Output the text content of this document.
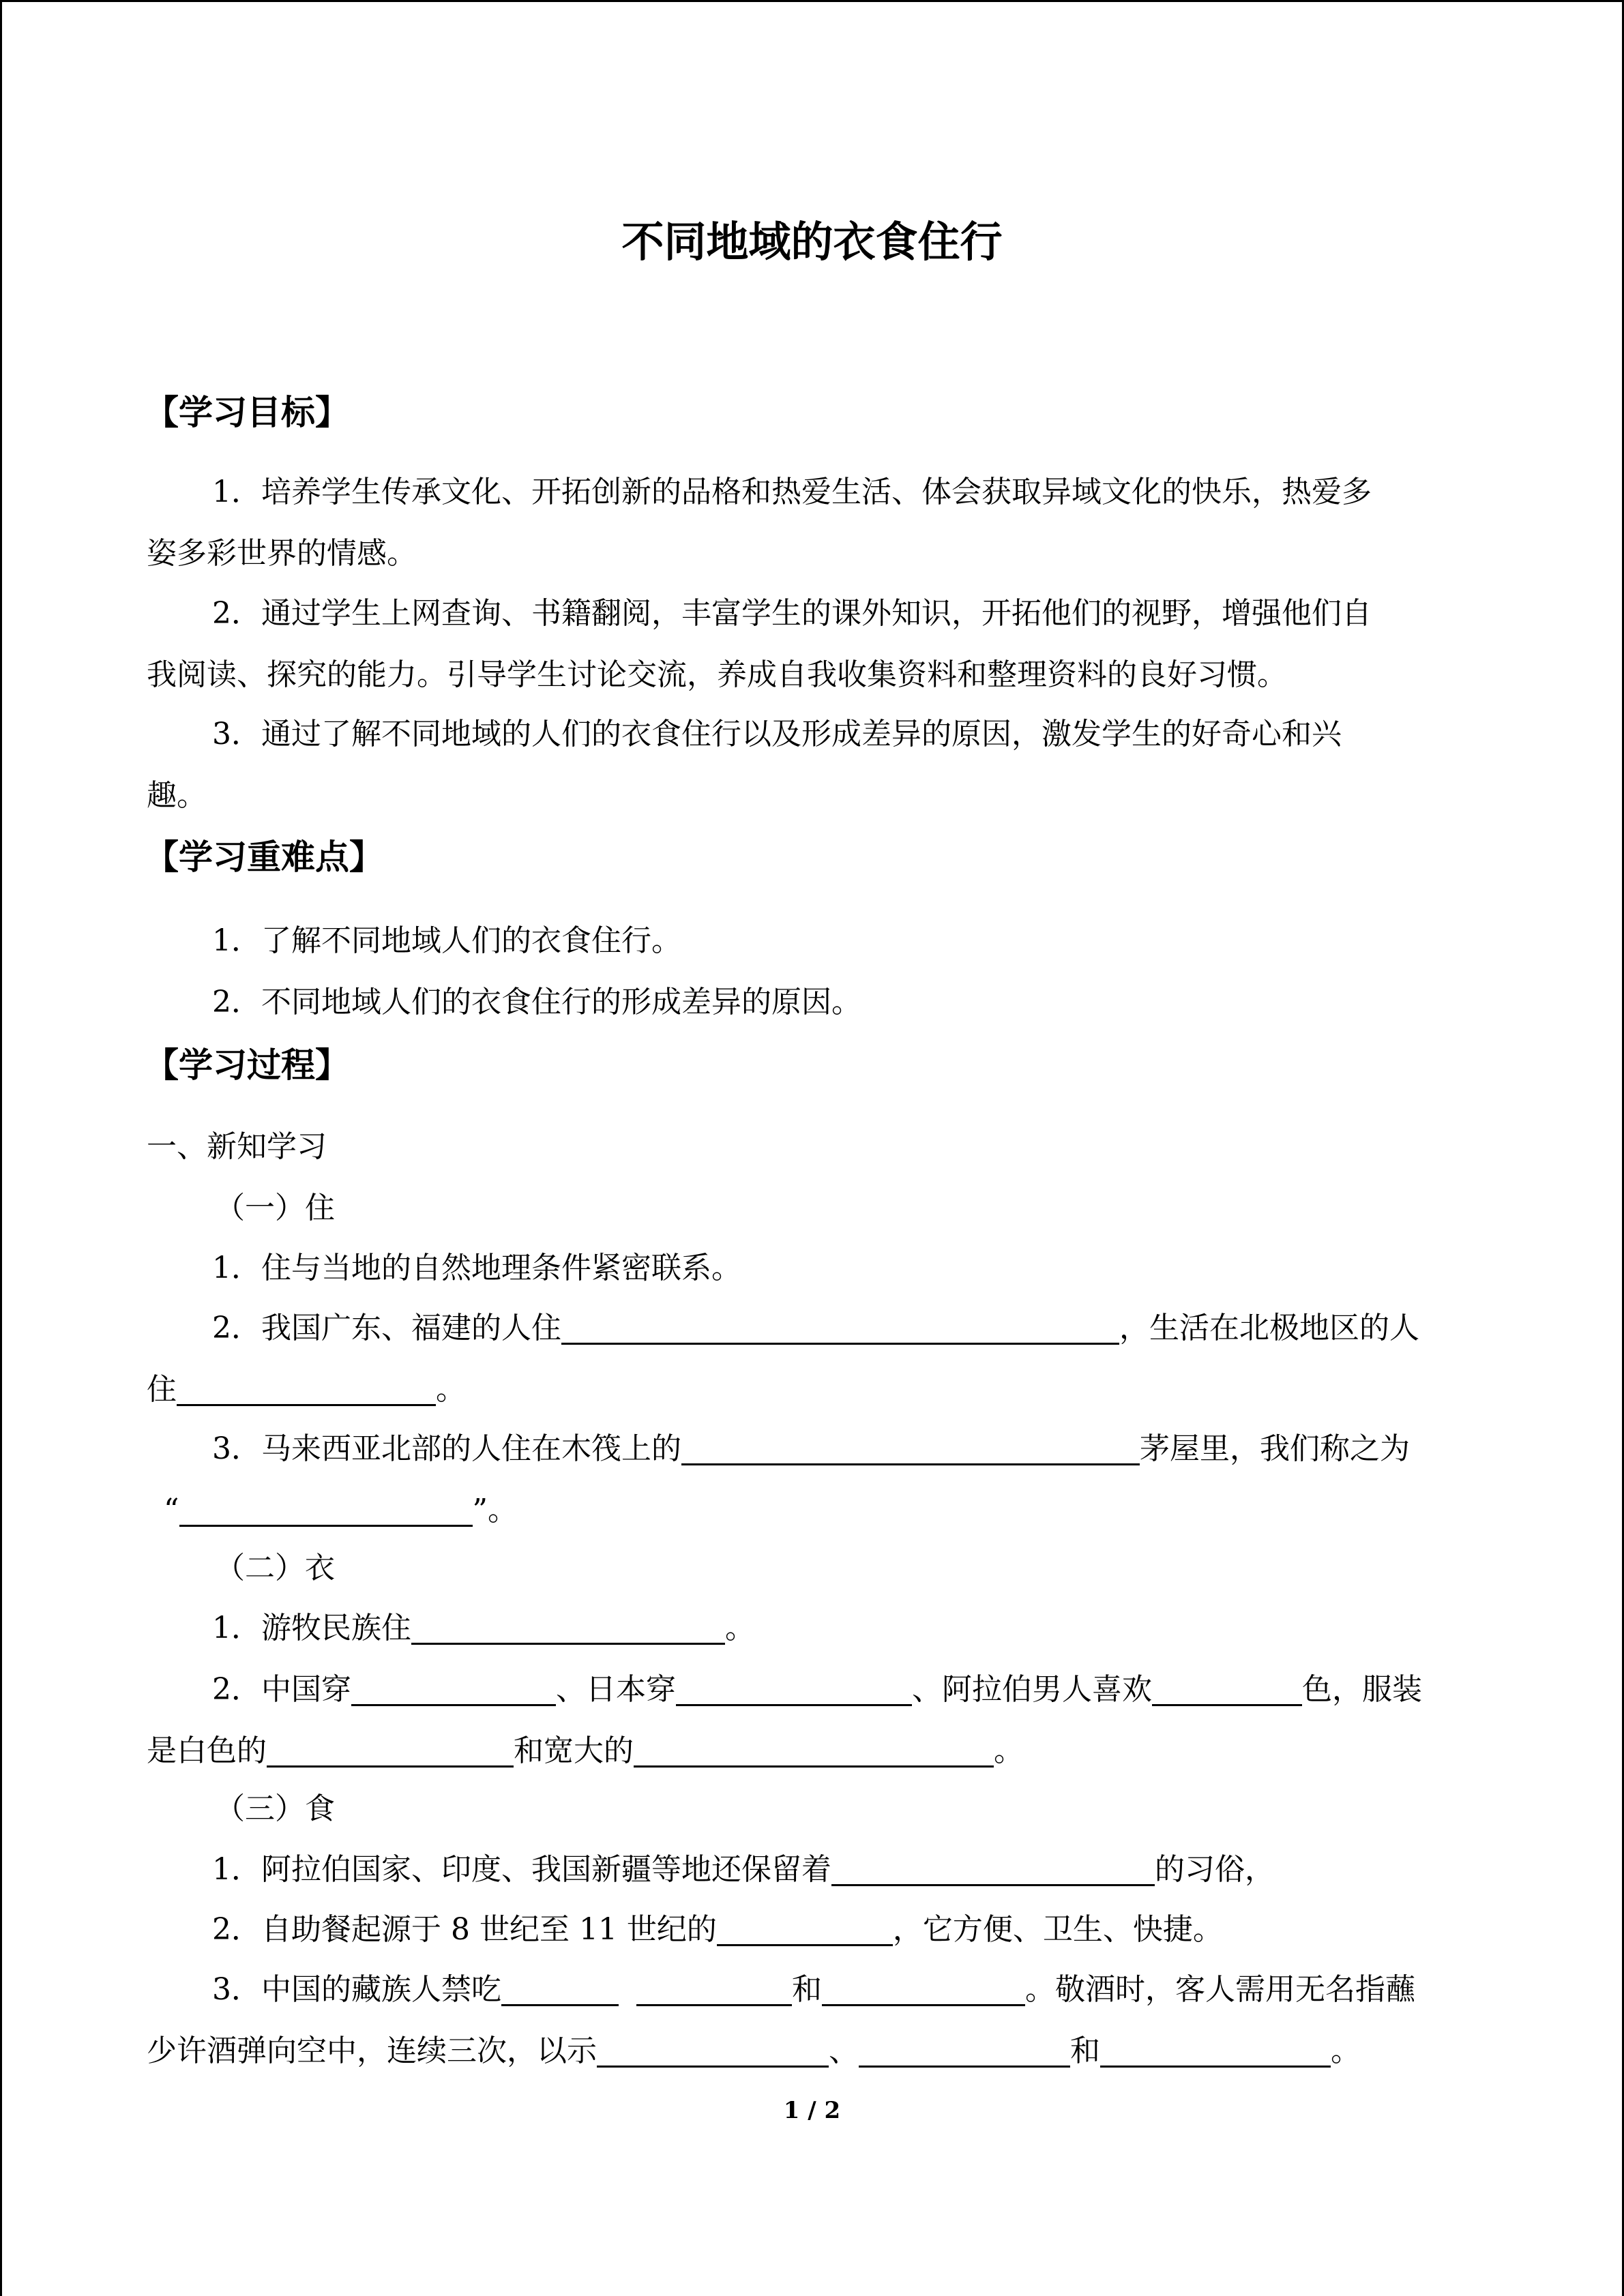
不同地域的衣食住行
【学习目标】
1．培养学生传承文化、开拓创新的品格和热爱生活、体会获取异域文化的快乐，热爱多
姿多彩世界的情感。
2．通过学生上网查询、书籍翻阅，丰富学生的课外知识，开拓他们的视野，增强他们自
我阅读、探究的能力。引导学生讨论交流，养成自我收集资料和整理资料的良好习惯。
3．通过了解不同地域的人们的衣食住行以及形成差异的原因，激发学生的好奇心和兴
趣。
【学习重难点】
1．了解不同地域人们的衣食住行。
2．不同地域人们的衣食住行的形成差异的原因。
【学习过程】
一、新知学习
（一）住
1．住与当地的自然地理条件紧密联系。
2．我国广东、福建的人住	，生活在北极地区的人
住	。
3．马来西亚北部的人住在木筏上的	茅屋里，我们称之为
“	”。
（二）衣
1．游牧民族住	。
2．中国穿	、日本穿	、阿拉伯男人喜欢	色，服装
是白色的	和宽大的	。
（三）食
1．阿拉伯国家、印度、我国新疆等地还保留着	的习俗，
2．自助餐起源于 8 世纪至 11 世纪的	，它方便、卫生、快捷。
3．中国的藏族人禁吃	和	。敬酒时，客人需用无名指蘸
少许酒弹向空中，连续三次，以示	、	和	。
1 / 2
